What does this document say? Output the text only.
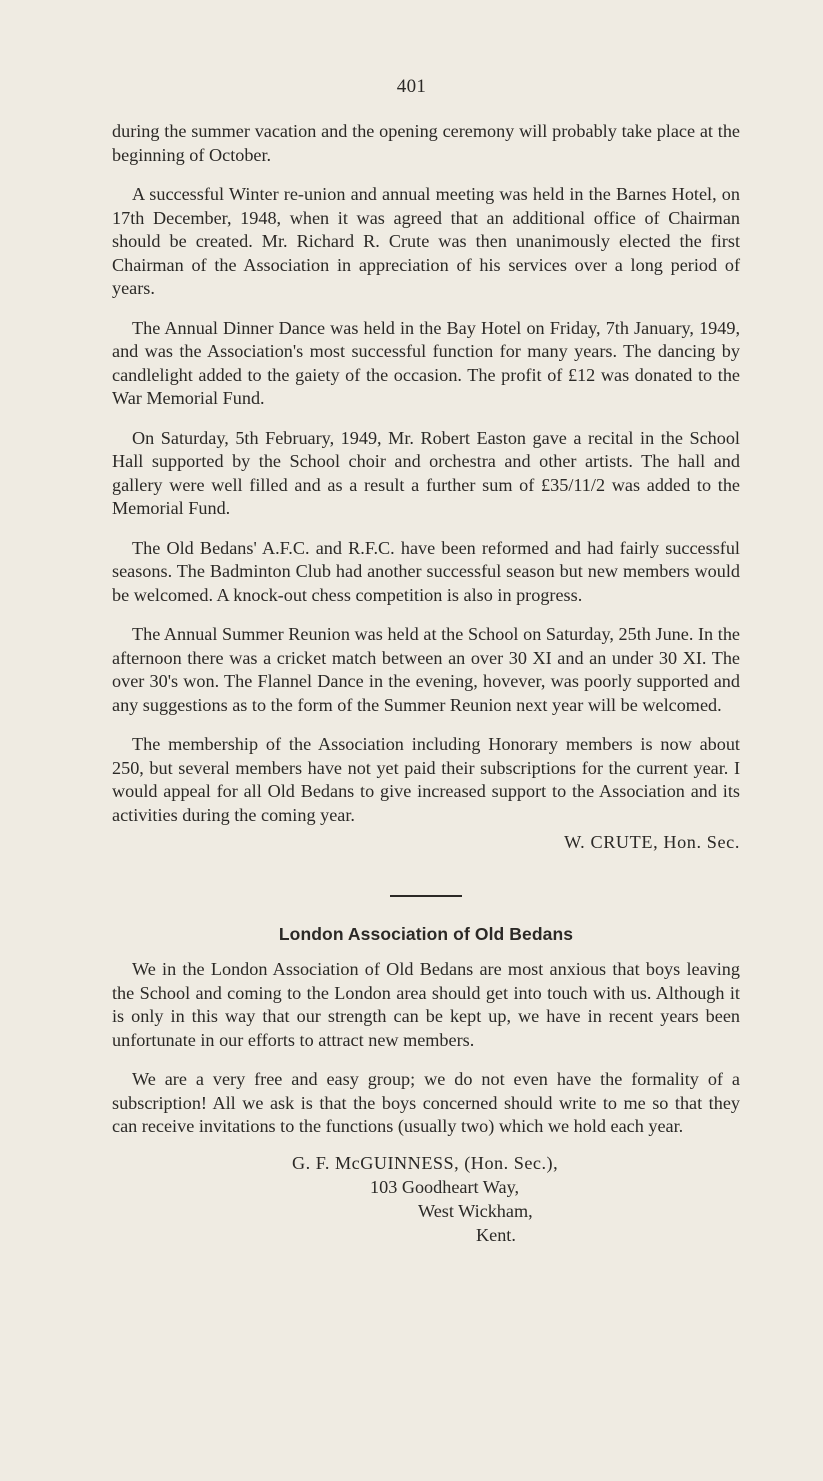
401

during the summer vacation and the opening ceremony will probably take place at the beginning of October.

A successful Winter re-union and annual meeting was held in the Barnes Hotel, on 17th December, 1948, when it was agreed that an additional office of Chairman should be created. Mr. Richard R. Crute was then unanimously elected the first Chairman of the Association in appreciation of his services over a long period of years.

The Annual Dinner Dance was held in the Bay Hotel on Friday, 7th January, 1949, and was the Association's most successful function for many years. The dancing by candlelight added to the gaiety of the occasion. The profit of £12 was donated to the War Memorial Fund.

On Saturday, 5th February, 1949, Mr. Robert Easton gave a recital in the School Hall supported by the School choir and orchestra and other artists. The hall and gallery were well filled and as a result a further sum of £35/11/2 was added to the Memorial Fund.

The Old Bedans' A.F.C. and R.F.C. have been reformed and had fairly successful seasons. The Badminton Club had another successful season but new members would be welcomed. A knock-out chess competition is also in progress.

The Annual Summer Reunion was held at the School on Saturday, 25th June. In the afternoon there was a cricket match between an over 30 XI and an under 30 XI. The over 30's won. The Flannel Dance in the evening, hovever, was poorly supported and any suggestions as to the form of the Summer Reunion next year will be welcomed.

The membership of the Association including Honorary members is now about 250, but several members have not yet paid their subscriptions for the current year. I would appeal for all Old Bedans to give increased support to the Association and its activities during the coming year.

W. CRUTE, Hon. Sec.

London Association of Old Bedans

We in the London Association of Old Bedans are most anxious that boys leaving the School and coming to the London area should get into touch with us. Although it is only in this way that our strength can be kept up, we have in recent years been unfortunate in our efforts to attract new members.

We are a very free and easy group; we do not even have the formality of a subscription! All we ask is that the boys concerned should write to me so that they can receive invitations to the functions (usually two) which we hold each year.

G. F. McGUINNESS, (Hon. Sec.),
103 Goodheart Way,
West Wickham,
Kent.
